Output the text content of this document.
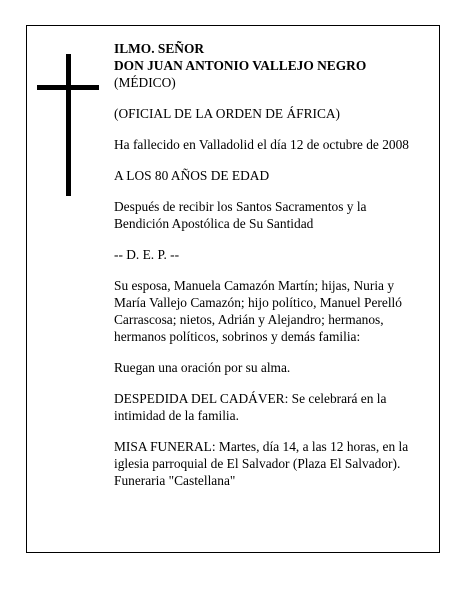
ILMO. SEÑOR
DON JUAN ANTONIO VALLEJO NEGRO
(MÉDICO)

(OFICIAL DE LA ORDEN DE ÁFRICA)

Ha fallecido en Valladolid el día 12 de octubre de 2008

A LOS 80 AÑOS DE EDAD

Después de recibir los Santos Sacramentos y la Bendición Apostólica de Su Santidad

-- D. E. P. --

Su esposa, Manuela Camazón Martín; hijas, Nuria y María Vallejo Camazón; hijo político, Manuel Perelló Carrascosa; nietos, Adrián y Alejandro; hermanos, hermanos políticos, sobrinos y demás familia:

Ruegan una oración por su alma.

DESPEDIDA DEL CADÁVER: Se celebrará en la intimidad de la familia.

MISA FUNERAL: Martes, día 14, a las 12 horas, en la iglesia parroquial de El Salvador (Plaza El Salvador). Funeraria "Castellana"
